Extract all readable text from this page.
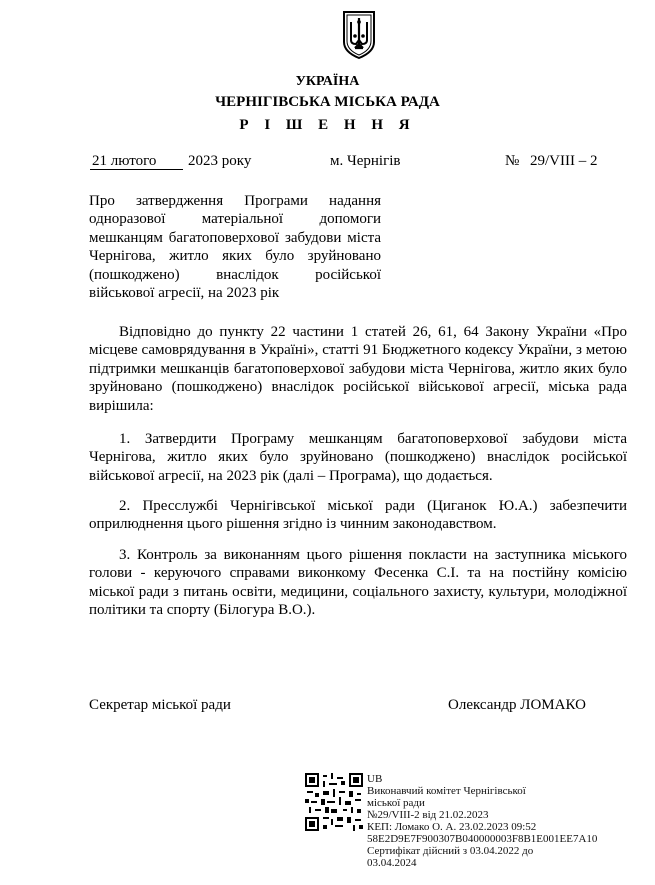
УКРАЇНА
ЧЕРНІГІВСЬКА МІСЬКА РАДА
Р І Ш Е Н Н Я
21 лютого	2023 року	м. Чернігів	№ 29/VIII – 2
Про затвердження Програми надання одноразової матеріальної допомоги мешканцям багатоповерхової забудови міста Чернігова, житло яких було зруйновано (пошкоджено) внаслідок російської військової агресії, на 2023 рік
Відповідно до пункту 22 частини 1 статей 26, 61, 64 Закону України «Про місцеве самоврядування в Україні», статті 91 Бюджетного кодексу України, з метою підтримки мешканців багатоповерхової забудови міста Чернігова, житло яких було зруйновано (пошкоджено) внаслідок російської військової агресії, міська рада вирішила:
1. Затвердити Програму мешканцям багатоповерхової забудови міста Чернігова, житло яких було зруйновано (пошкоджено) внаслідок російської військової агресії, на 2023 рік (далі – Програма), що додається.
2. Пресслужбі Чернігівської міської ради (Циганок Ю.А.) забезпечити оприлюднення цього рішення згідно із чинним законодавством.
3. Контроль за виконанням цього рішення покласти на заступника міського голови - керуючого справами виконкому Фесенка С.І. та на постійну комісію міської ради з питань освіти, медицини, соціального захисту, культури, молодіжної політики та спорту (Білогура В.О.).
Секретар міської ради	Олександр ЛОМАКО
UB
Виконавчий комітет Чернігівської
міської ради
№29/VIII-2 від 21.02.2023
КЕП: Ломако О. А. 23.02.2023 09:52
58E2D9E7F900307B040000003F8B1E001EE7A10
Сертифікат дійсний з 03.04.2022 до
03.04.2024
